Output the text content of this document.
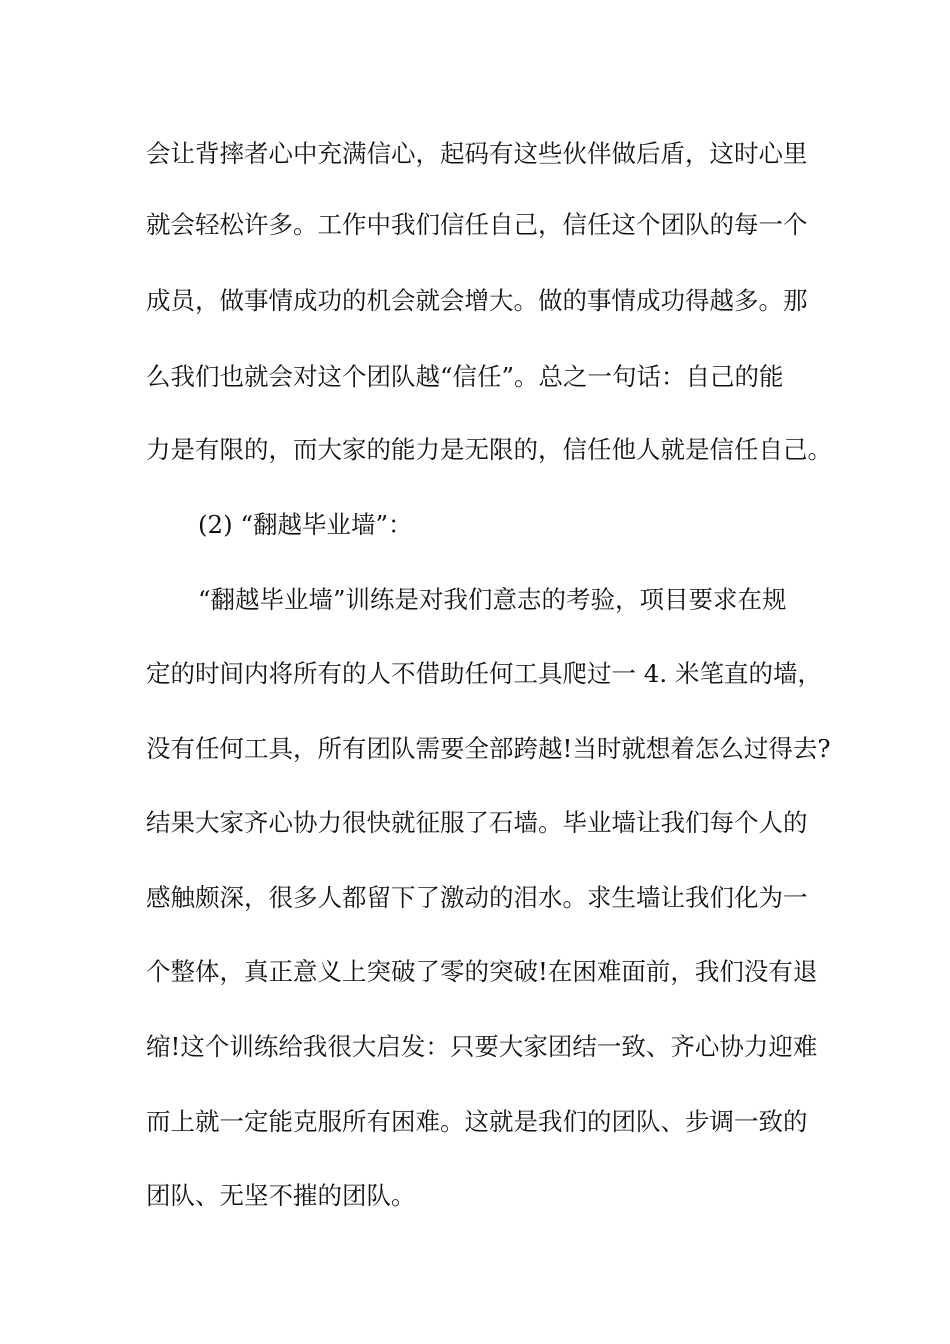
会让背摔者心中充满信心，起码有这些伙伴做后盾，这时心里
就会轻松许多。工作中我们信任自己，信任这个团队的每一个
成员，做事情成功的机会就会增大。做的事情成功得越多。那
么我们也就会对这个团队越“信任”。总之一句话：自己的能
力是有限的，而大家的能力是无限的，信任他人就是信任自己。
(2) “翻越毕业墙”：
“翻越毕业墙”训练是对我们意志的考验，项目要求在规
定的时间内将所有的人不借助任何工具爬过一 4. 米笔直的墙，
没有任何工具，所有团队需要全部跨越!当时就想着怎么过得去?
结果大家齐心协力很快就征服了石墙。毕业墙让我们每个人的
感触颇深，很多人都留下了激动的泪水。求生墙让我们化为一
个整体，真正意义上突破了零的突破!在困难面前，我们没有退
缩!这个训练给我很大启发：只要大家团结一致、齐心协力迎难
而上就一定能克服所有困难。这就是我们的团队、步调一致的
团队、无坚不摧的团队。
